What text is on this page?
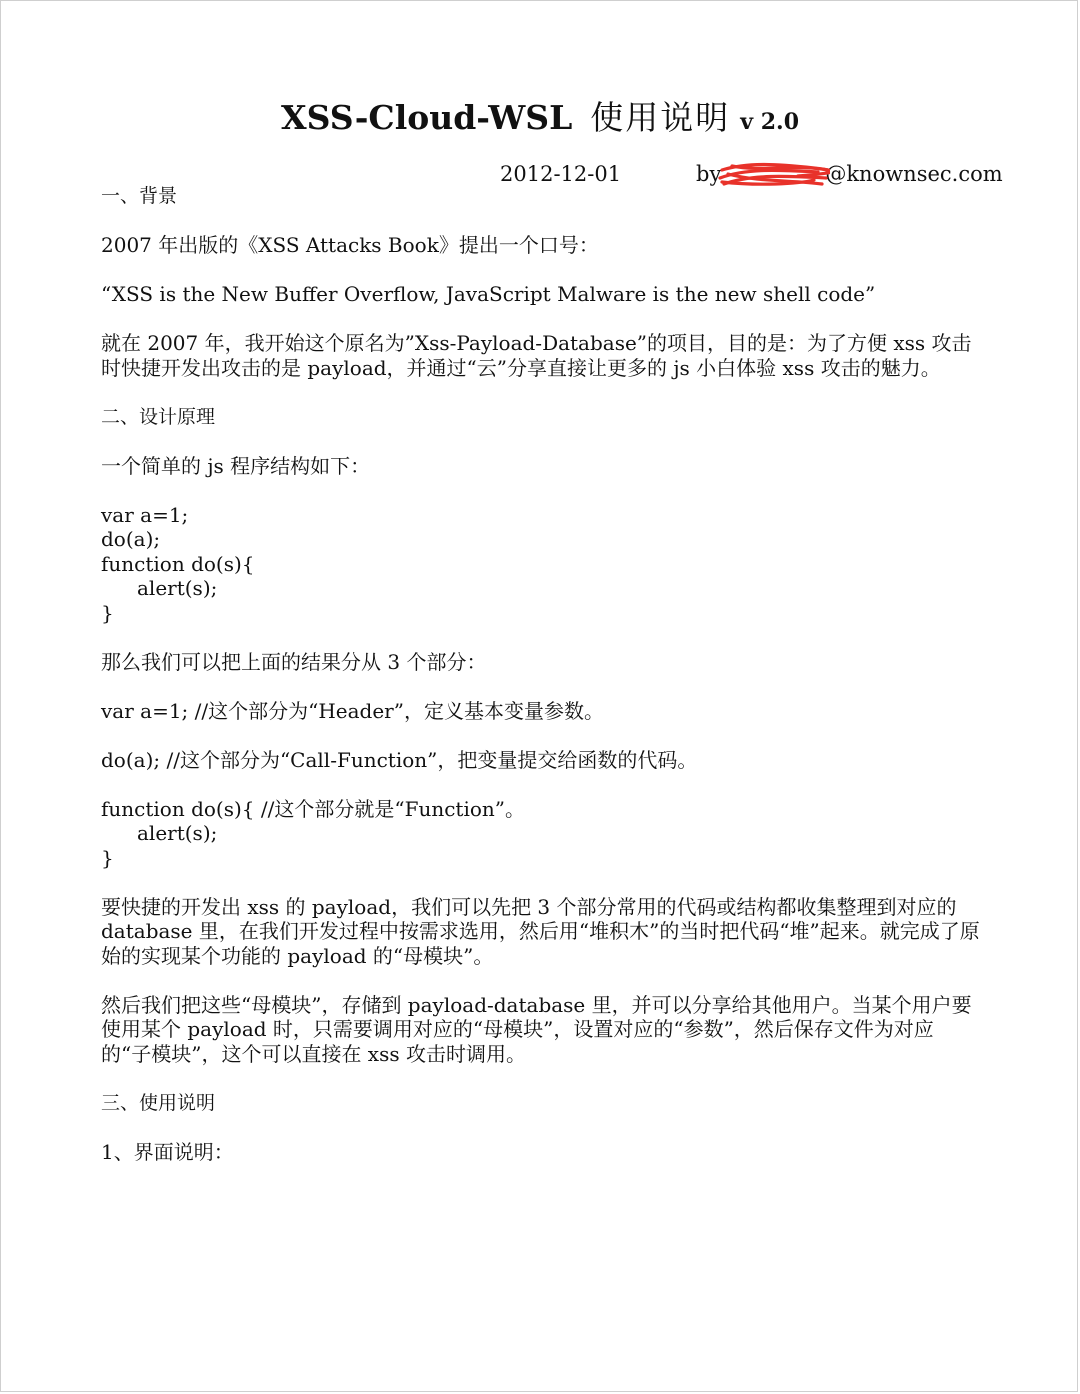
XSS-Cloud-WSL 使用说明 v 2.0
2012-12-01	by	@knownsec.com

一、背景

2007 年出版的《XSS Attacks Book》提出一个口号：

“XSS is the New Buffer Overflow, JavaScript Malware is the new shell code”

就在 2007 年，我开始这个原名为”Xss-Payload-Database”的项目，目的是：为了方便 xss 攻击时快捷开发出攻击的是 payload，并通过“云”分享直接让更多的 js 小白体验 xss 攻击的魅力。

二、设计原理

一个简单的 js 程序结构如下：

var a=1;
do(a);
function do(s){
alert(s);
}

那么我们可以把上面的结果分从 3 个部分：

var a=1; //这个部分为“Header”，定义基本变量参数。

do(a); //这个部分为“Call-Function”，把变量提交给函数的代码。

function do(s){ //这个部分就是“Function”。
alert(s);
}

要快捷的开发出 xss 的 payload，我们可以先把 3 个部分常用的代码或结构都收集整理到对应的 database 里，在我们开发过程中按需求选用，然后用“堆积木”的当时把代码“堆”起来。就完成了原始的实现某个功能的 payload 的“母模块”。

然后我们把这些“母模块”，存储到 payload-database 里，并可以分享给其他用户。当某个用户要使用某个 payload 时，只需要调用对应的“母模块”，设置对应的“参数”，然后保存文件为对应的“子模块”，这个可以直接在 xss 攻击时调用。

三、使用说明

1、界面说明：
